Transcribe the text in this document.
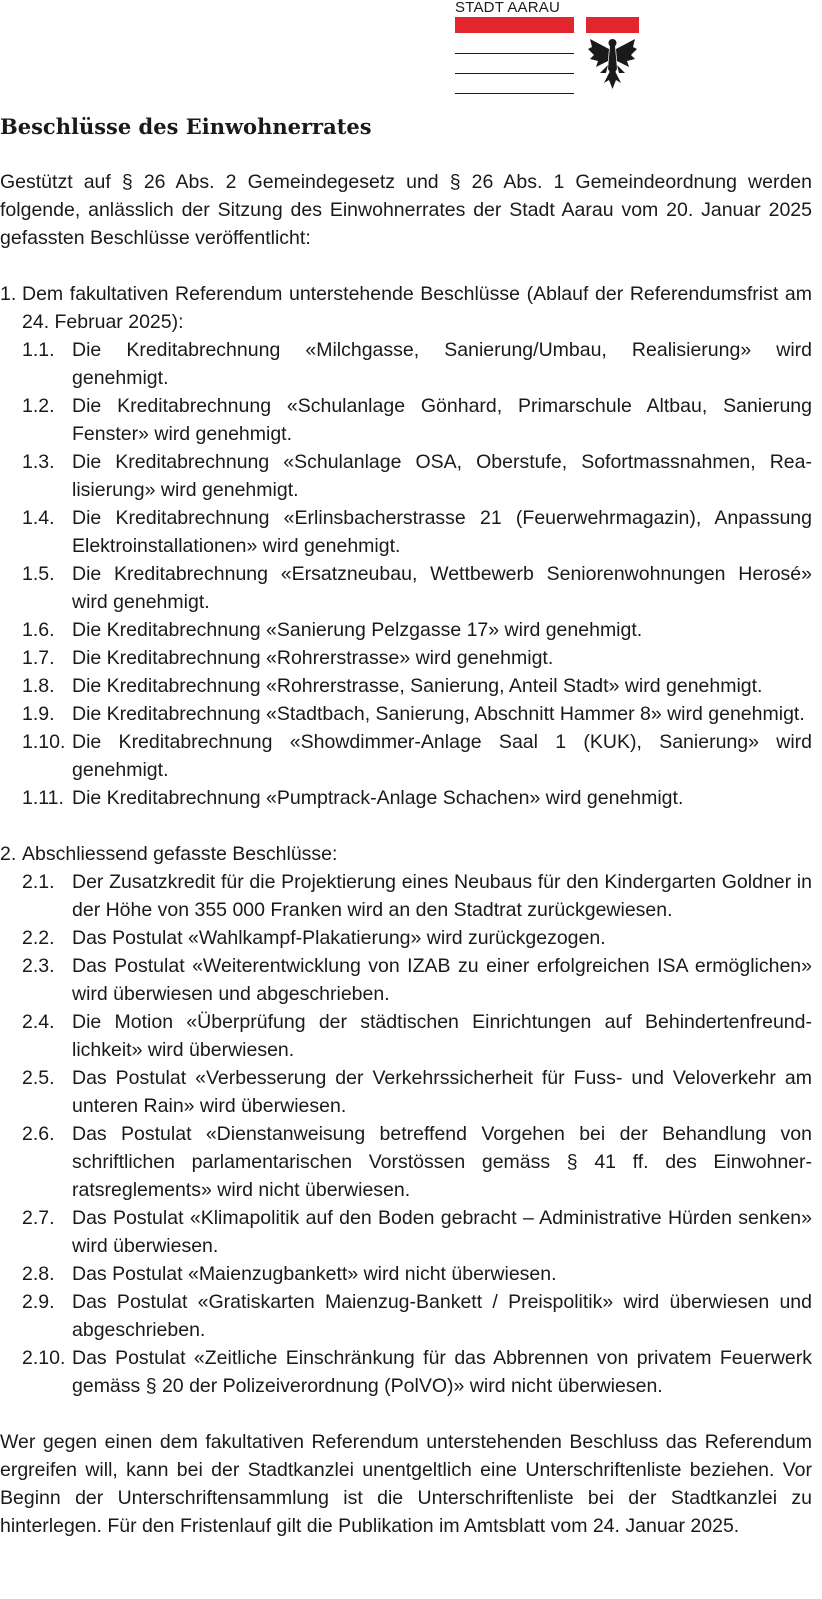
STADT AARAU
Beschlüsse des Einwohnerrates

Gestützt auf § 26 Abs. 2 Gemeindegesetz und § 26 Abs. 1 Gemeindeordnung werden folgende, anlässlich der Sitzung des Einwohnerrates der Stadt Aarau vom 20. Januar 2025 gefassten Beschlüsse veröffentlicht:

1. Dem fakultativen Referendum unterstehende Beschlüsse (Ablauf der Referendumsfrist am 24. Februar 2025):
1.1. Die Kreditabrechnung «Milchgasse, Sanierung/Umbau, Realisierung» wird genehmigt.
1.2. Die Kreditabrechnung «Schulanlage Gönhard, Primarschule Altbau, Sanierung Fenster» wird genehmigt.
1.3. Die Kreditabrechnung «Schulanlage OSA, Oberstufe, Sofortmassnahmen, Realisierung» wird genehmigt.
1.4. Die Kreditabrechnung «Erlinsbacherstrasse 21 (Feuerwehrmagazin), Anpassung Elektroinstallationen» wird genehmigt.
1.5. Die Kreditabrechnung «Ersatzneubau, Wettbewerb Seniorenwohnungen Herosé» wird genehmigt.
1.6. Die Kreditabrechnung «Sanierung Pelzgasse 17» wird genehmigt.
1.7. Die Kreditabrechnung «Rohrerstrasse» wird genehmigt.
1.8. Die Kreditabrechnung «Rohrerstrasse, Sanierung, Anteil Stadt» wird genehmigt.
1.9. Die Kreditabrechnung «Stadtbach, Sanierung, Abschnitt Hammer 8» wird genehmigt.
1.10. Die Kreditabrechnung «Showdimmer-Anlage Saal 1 (KUK), Sanierung» wird genehmigt.
1.11. Die Kreditabrechnung «Pumptrack-Anlage Schachen» wird genehmigt.
2. Abschliessend gefasste Beschlüsse:
2.1. Der Zusatzkredit für die Projektierung eines Neubaus für den Kindergarten Goldner in der Höhe von 355 000 Franken wird an den Stadtrat zurückgewiesen.
2.2. Das Postulat «Wahlkampf-Plakatierung» wird zurückgezogen.
2.3. Das Postulat «Weiterentwicklung von IZAB zu einer erfolgreichen ISA ermöglichen» wird überwiesen und abgeschrieben.
2.4. Die Motion «Überprüfung der städtischen Einrichtungen auf Behindertenfreundlichkeit» wird überwiesen.
2.5. Das Postulat «Verbesserung der Verkehrssicherheit für Fuss- und Veloverkehr am unteren Rain» wird überwiesen.
2.6. Das Postulat «Dienstanweisung betreffend Vorgehen bei der Behandlung von schriftlichen parlamentarischen Vorstössen gemäss § 41 ff. des Einwohnerratsreglements» wird nicht überwiesen.
2.7. Das Postulat «Klimapolitik auf den Boden gebracht – Administrative Hürden senken» wird überwiesen.
2.8. Das Postulat «Maienzugbankett» wird nicht überwiesen.
2.9. Das Postulat «Gratiskarten Maienzug-Bankett / Preispolitik» wird überwiesen und abgeschrieben.
2.10. Das Postulat «Zeitliche Einschränkung für das Abbrennen von privatem Feuerwerk gemäss § 20 der Polizeiverordnung (PolVO)» wird nicht überwiesen.

Wer gegen einen dem fakultativen Referendum unterstehenden Beschluss das Referendum ergreifen will, kann bei der Stadtkanzlei unentgeltlich eine Unterschriftenliste beziehen. Vor Beginn der Unterschriftensammlung ist die Unterschriftenliste bei der Stadtkanzlei zu hinterlegen. Für den Fristenlauf gilt die Publikation im Amtsblatt vom 24. Januar 2025.
